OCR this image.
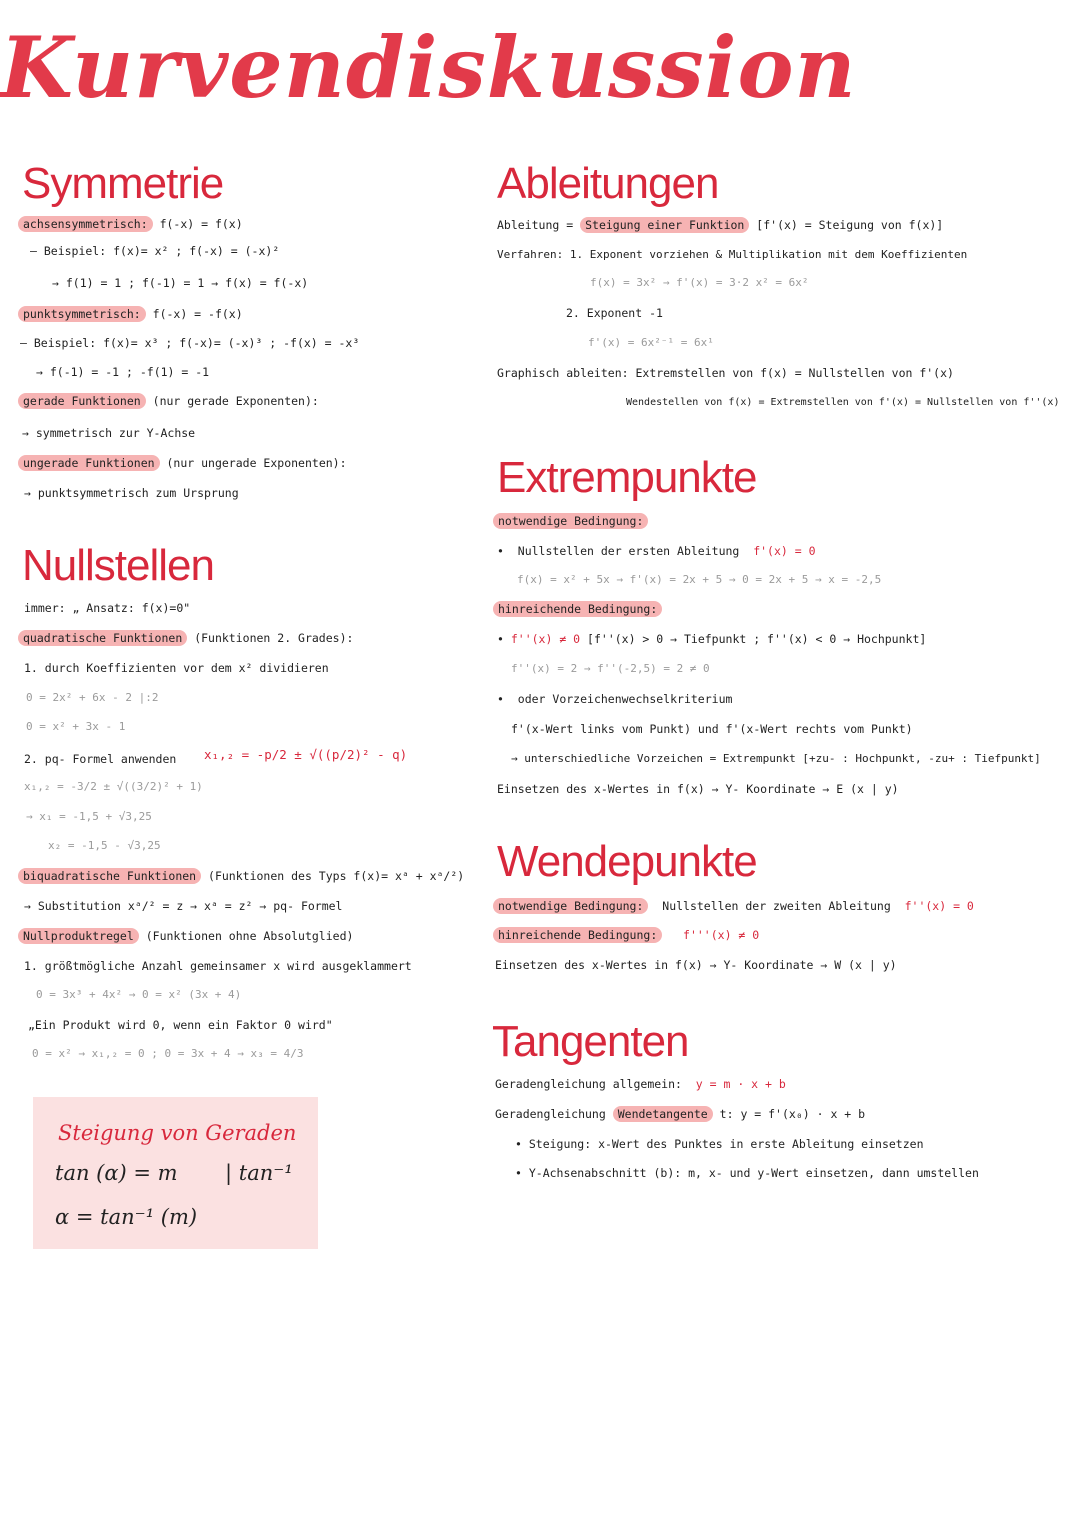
Kurvendiskussion
Symmetrie
achsensymmetrisch: f(-x) = f(x)
— Beispiel: f(x)= x² ; f(-x) = (-x)²
→ f(1) = 1 ; f(-1) = 1 → f(x) = f(-x)
punktsymmetrisch: f(-x) = -f(x)
— Beispiel: f(x)= x³ ; f(-x)= (-x)³ ; -f(x) = -x³
→ f(-1) = -1 ; -f(1) = -1
gerade Funktionen (nur gerade Exponenten):
→ symmetrisch zur Y-Achse
ungerade Funktionen (nur ungerade Exponenten):
→ punktsymmetrisch zum Ursprung
Nullstellen
immer: „ Ansatz: f(x)=0"
quadratische Funktionen (Funktionen 2. Grades):
1. durch Koeffizienten vor dem x² dividieren
0 = 2x² + 6x - 2 |:2
0 = x² + 3x - 1
2. pq- Formel anwenden x₁,₂ = -p/2 ± √((p/2)² - q)
x₁,₂ = -3/2 ± √((3/2)² + 1)
→ x₁ = -1,5 + √3,25
x₂ = -1,5 - √3,25
biquadratische Funktionen (Funktionen des Typs f(x)= xᵃ + xᵃ/²)
→ Substitution xᵃ/² = z → xᵃ = z² → pq- Formel
Nullproduktregel (Funktionen ohne Absolutglied)
1. größtmögliche Anzahl gemeinsamer x wird ausgeklammert
0 = 3x³ + 4x² → 0 = x² (3x + 4)
„Ein Produkt wird 0, wenn ein Faktor 0 wird"
0 = x² → x₁,₂ = 0 ; 0 = 3x + 4 → x₃ = 4/3
Steigung von Geraden
tan (α) = m | tan⁻¹
α = tan⁻¹ (m)
Ableitungen
Ableitung = Steigung einer Funktion [f'(x) = Steigung von f(x)]
Verfahren: 1. Exponent vorziehen & Multiplikation mit dem Koeffizienten
f(x) = 3x² → f'(x) = 3·2 x² = 6x²
2. Exponent -1
f'(x) = 6x²⁻¹ = 6x¹
Graphisch ableiten: Extremstellen von f(x) = Nullstellen von f'(x)
Wendestellen von f(x) = Extremstellen von f'(x) = Nullstellen von f''(x)
Extrempunkte
notwendige Bedingung:
•  Nullstellen der ersten Ableitung f'(x) = 0
f(x) = x² + 5x → f'(x) = 2x + 5 → 0 = 2x + 5 → x = -2,5
hinreichende Bedingung:
• f''(x) ≠ 0 [f''(x) > 0 → Tiefpunkt ; f''(x) < 0 → Hochpunkt]
f''(x) = 2 → f''(-2,5) = 2 ≠ 0
•  oder Vorzeichenwechselkriterium
f'(x-Wert links vom Punkt) und f'(x-Wert rechts vom Punkt)
→ unterschiedliche Vorzeichen = Extrempunkt [+zu- : Hochpunkt, -zu+ : Tiefpunkt]
Einsetzen des x-Wertes in f(x) → Y- Koordinate → E (x | y)
Wendepunkte
notwendige Bedingung: Nullstellen der zweiten Ableitung f''(x) = 0
hinreichende Bedingung: f'''(x) ≠ 0
Einsetzen des x-Wertes in f(x) → Y- Koordinate → W (x | y)
Tangenten
Geradengleichung allgemein: y = m · x + b
Geradengleichung Wendetangente t: y = f'(x₀) · x + b
• Steigung: x-Wert des Punktes in erste Ableitung einsetzen
• Y-Achsenabschnitt (b): m, x- und y-Wert einsetzen, dann umstellen
